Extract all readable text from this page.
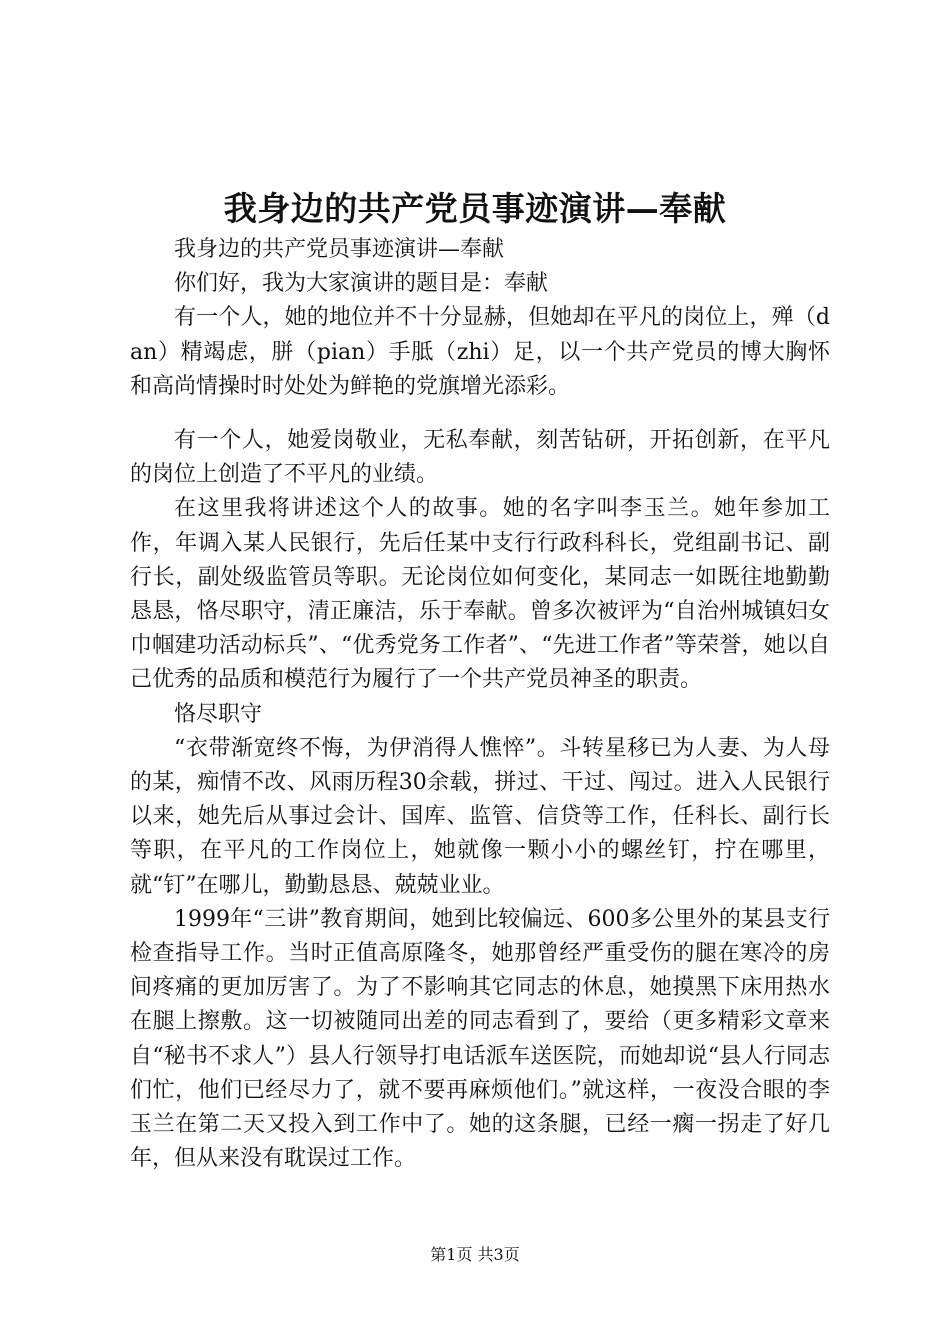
我身边的共产党员事迹演讲—奉献

我身边的共产党员事迹演讲—奉献

你们好，我为大家演讲的题目是：奉献

有一个人，她的地位并不十分显赫，但她却在平凡的岗位上，殚（dan）精竭虑，胼（pian）手胝（zhi）足，以一个共产党员的博大胸怀和高尚情操时时处处为鲜艳的党旗增光添彩。

有一个人，她爱岗敬业，无私奉献，刻苦钻研，开拓创新，在平凡的岗位上创造了不平凡的业绩。

在这里我将讲述这个人的故事。她的名字叫李玉兰。她年参加工作，年调入某人民银行，先后任某中支行行政科科长，党组副书记、副行长，副处级监管员等职。无论岗位如何变化，某同志一如既往地勤勤恳恳，恪尽职守，清正廉洁，乐于奉献。曾多次被评为“自治州城镇妇女巾帼建功活动标兵”、“优秀党务工作者”、“先进工作者”等荣誉，她以自己优秀的品质和模范行为履行了一个共产党员神圣的职责。

恪尽职守

“衣带渐宽终不悔，为伊消得人憔悴”。斗转星移已为人妻、为人母的某，痴情不改、风雨历程30余载，拼过、干过、闯过。进入人民银行以来，她先后从事过会计、国库、监管、信贷等工作，任科长、副行长等职，在平凡的工作岗位上，她就像一颗小小的螺丝钉，拧在哪里，就“钉”在哪儿，勤勤恳恳、兢兢业业。

1999年“三讲”教育期间，她到比较偏远、600多公里外的某县支行检查指导工作。当时正值高原隆冬，她那曾经严重受伤的腿在寒冷的房间疼痛的更加厉害了。为了不影响其它同志的休息，她摸黑下床用热水在腿上擦敷。这一切被随同出差的同志看到了，要给（更多精彩文章来自“秘书不求人”）县人行领导打电话派车送医院，而她却说“县人行同志们忙，他们已经尽力了，就不要再麻烦他们。”就这样，一夜没合眼的李玉兰在第二天又投入到工作中了。她的这条腿，已经一瘸一拐走了好几年，但从来没有耽误过工作。

第1页 共3页
